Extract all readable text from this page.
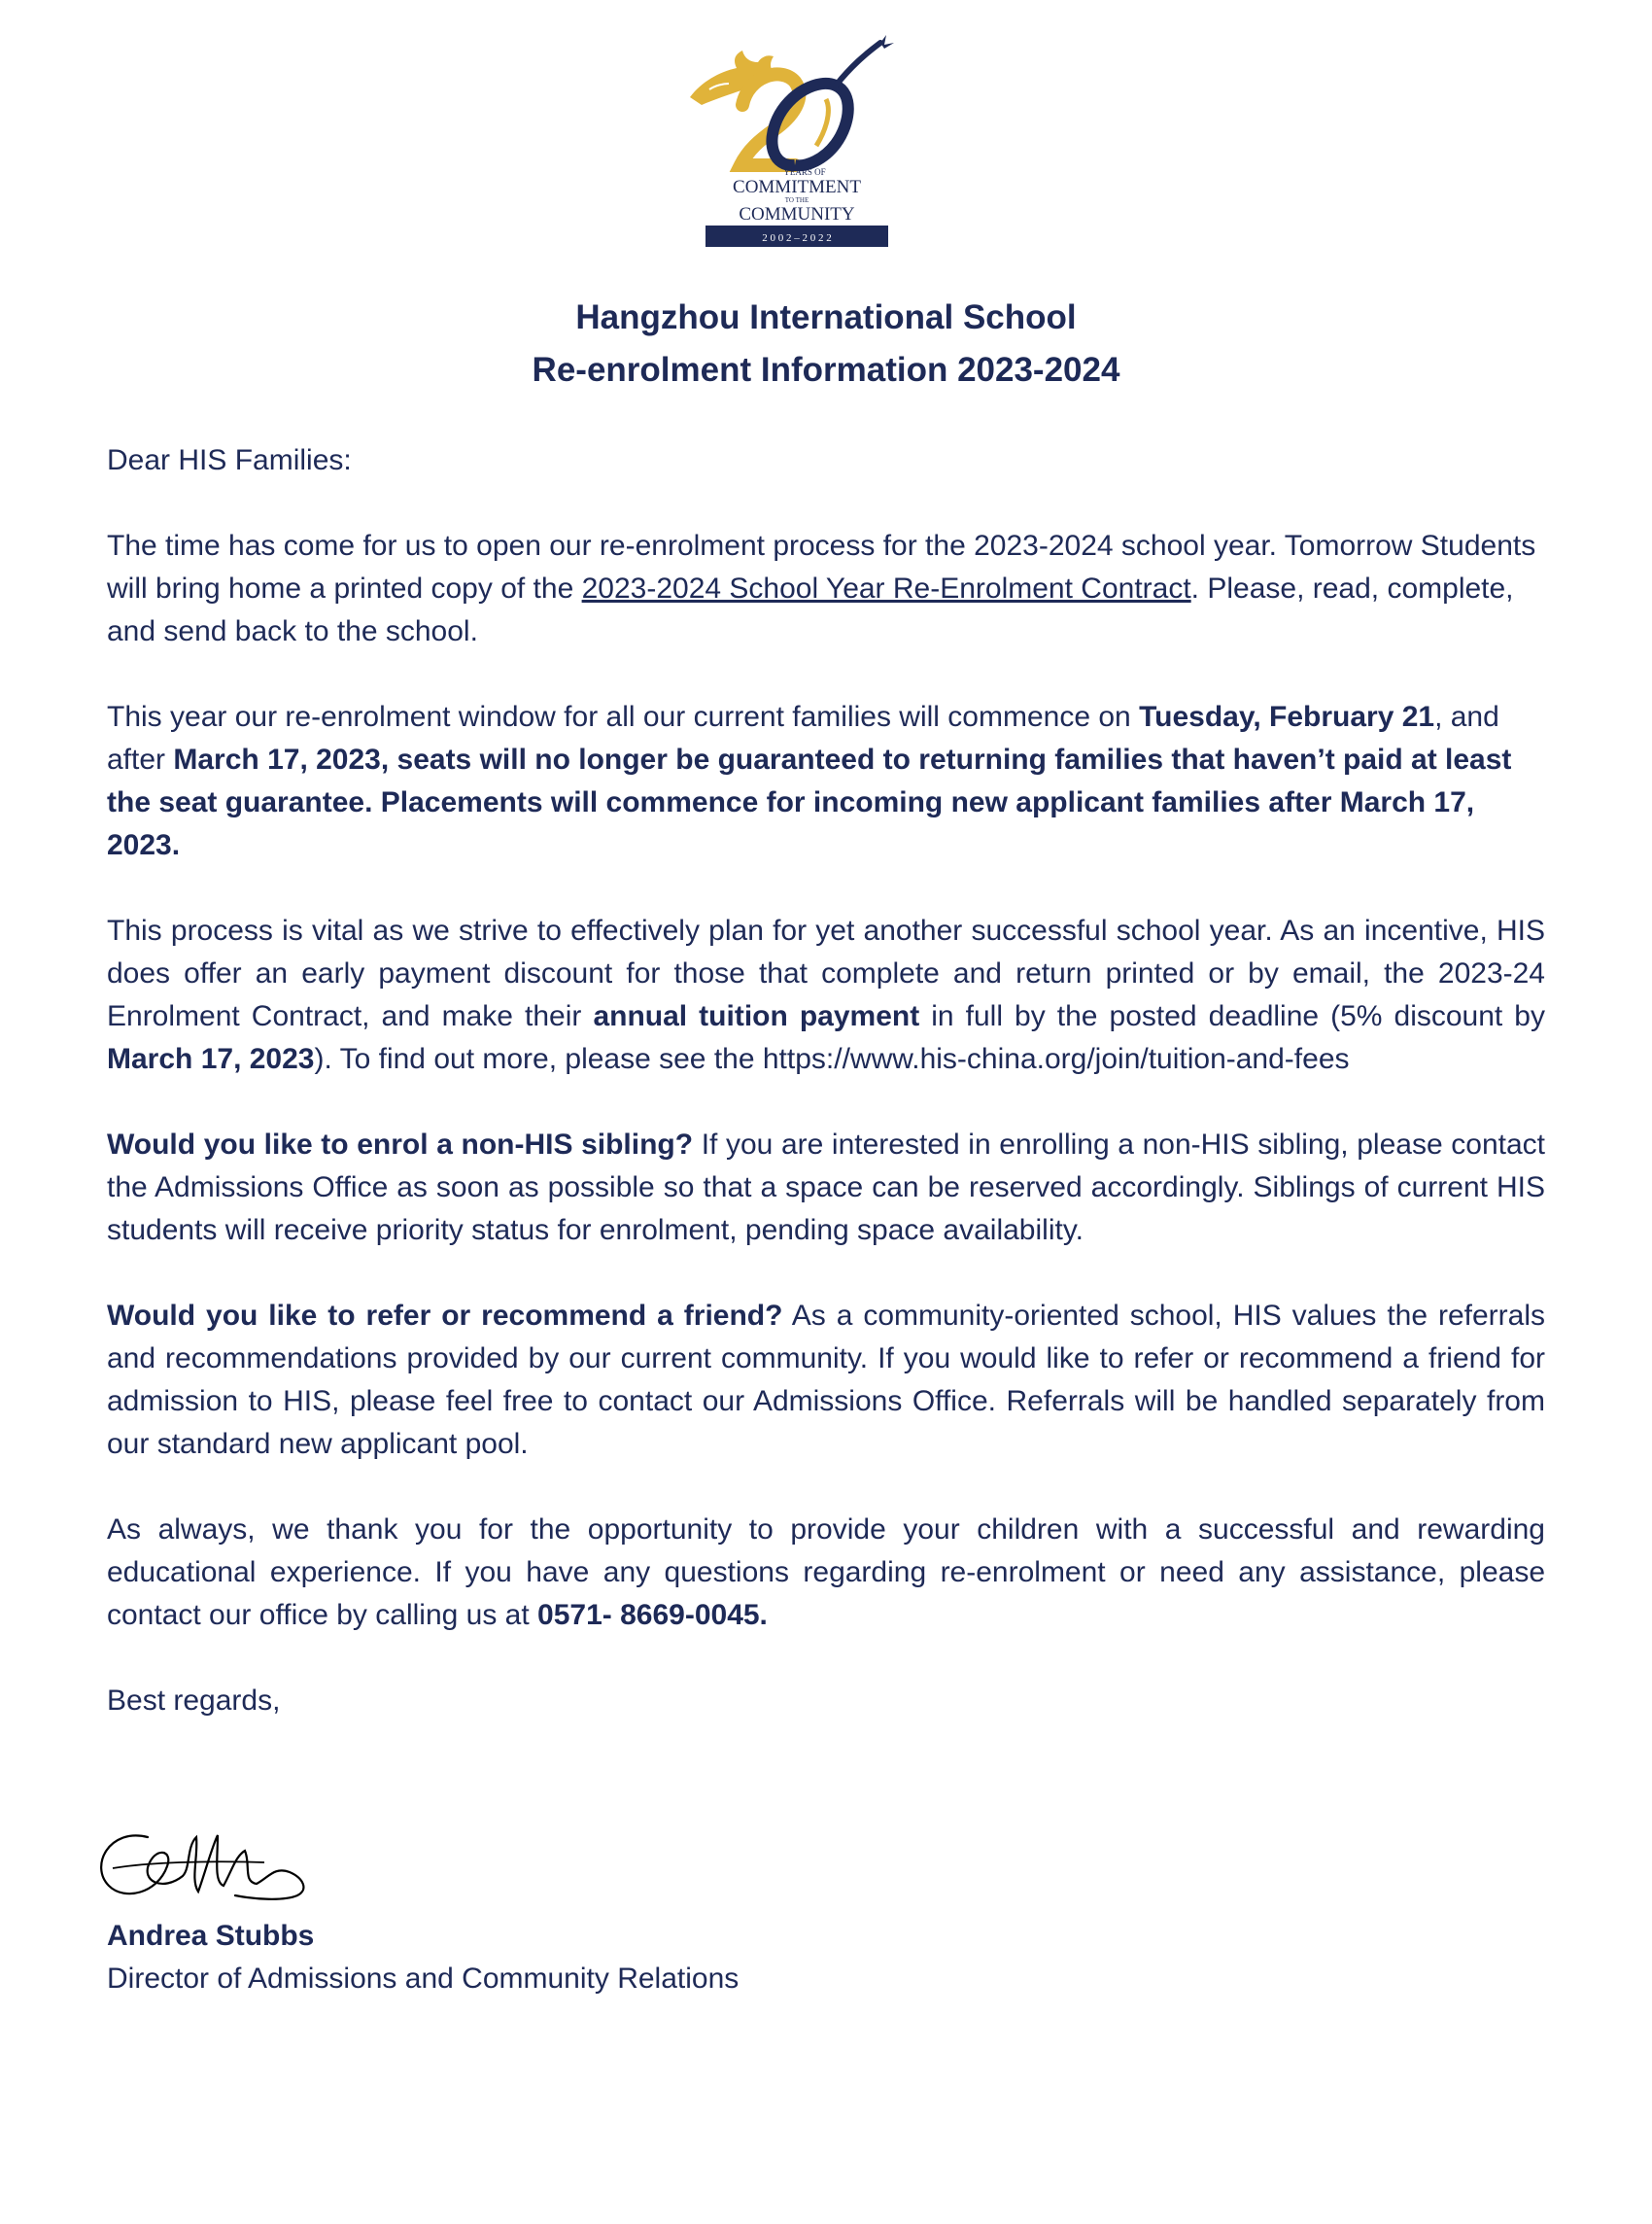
YEARS OF
COMMITMENT
TO THE
COMMUNITY
2 0 0 2 – 2 0 2 2
Hangzhou International School
Re-enrolment Information 2023-2024

Dear HIS Families:

The time has come for us to open our re-enrolment process for the 2023-2024 school year. Tomorrow Students will bring home a printed copy of the 2023-2024 School Year Re-Enrolment Contract. Please, read, complete, and send back to the school.

This year our re-enrolment window for all our current families will commence on Tuesday, February 21, and after March 17, 2023, seats will no longer be guaranteed to returning families that haven’t paid at least the seat guarantee. Placements will commence for incoming new applicant families after March 17, 2023.

This process is vital as we strive to effectively plan for yet another successful school year. As an incentive, HIS does offer an early payment discount for those that complete and return printed or by email, the 2023-24 Enrolment Contract, and make their annual tuition payment in full by the posted deadline (5% discount by March 17, 2023). To find out more, please see the https://www.his-china.org/join/tuition-and-fees

Would you like to enrol a non-HIS sibling? If you are interested in enrolling a non-HIS sibling, please contact the Admissions Office as soon as possible so that a space can be reserved accordingly. Siblings of current HIS students will receive priority status for enrolment, pending space availability.

Would you like to refer or recommend a friend? As a community-oriented school, HIS values the referrals and recommendations provided by our current community. If you would like to refer or recommend a friend for admission to HIS, please feel free to contact our Admissions Office. Referrals will be handled separately from our standard new applicant pool.

As always, we thank you for the opportunity to provide your children with a successful and rewarding educational experience. If you have any questions regarding re-enrolment or need any assistance, please contact our office by calling us at 0571- 8669-0045.

Best regards,

Andrea Stubbs
Director of Admissions and Community Relations
